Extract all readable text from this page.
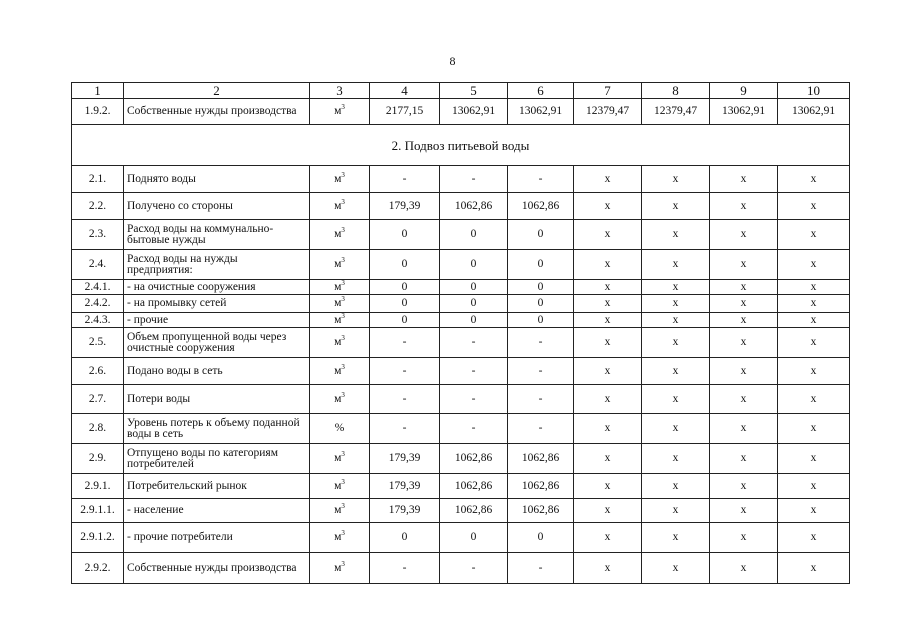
8
1	2	3	4	5	6	7	8	9	10
1.9.2.	Собственные нужды производства	$м^3$	2177,15	13062,91	13062,91	12379,47	12379,47	13062,91	13062,91
2. Подвоз питьевой воды									
2.1.	Поднято воды	$м^3$	-	-	-	x	x	x	x
2.2.	Получено со стороны	$м^3$	179,39	1062,86	1062,86	x	x	x	x
2.3.	Расход воды на коммунально-бытовые нужды	$м^3$	0	0	0	x	x	x	x
2.4.	Расход воды на нужды предприятия:	$м^3$	0	0	0	x	x	x	x
2.4.1.	- на очистные сооружения	$м^3$	0	0	0	x	x	x	x
2.4.2.	- на промывку сетей	$м^3$	0	0	0	x	x	x	x
2.4.3.	- прочие	$м^3$	0	0	0	x	x	x	x
2.5.	Объем пропущенной воды через очистные сооружения	$м^3$	-	-	-	x	x	x	x
2.6.	Подано воды в сеть	$м^3$	-	-	-	x	x	x	x
2.7.	Потери воды	$м^3$	-	-	-	x	x	x	x
2.8.	Уровень потерь к объему поданной воды в сеть	%	-	-	-	x	x	x	x
2.9.	Отпущено воды по категориям потребителей	$м^3$	179,39	1062,86	1062,86	x	x	x	x
2.9.1.	Потребительский рынок	$м^3$	179,39	1062,86	1062,86	x	x	x	x
2.9.1.1.	- население	$м^3$	179,39	1062,86	1062,86	x	x	x	x
2.9.1.2.	- прочие потребители	$м^3$	0	0	0	x	x	x	x
2.9.2.	Собственные нужды производства	$м^3$	-	-	-	x	x	x	x
